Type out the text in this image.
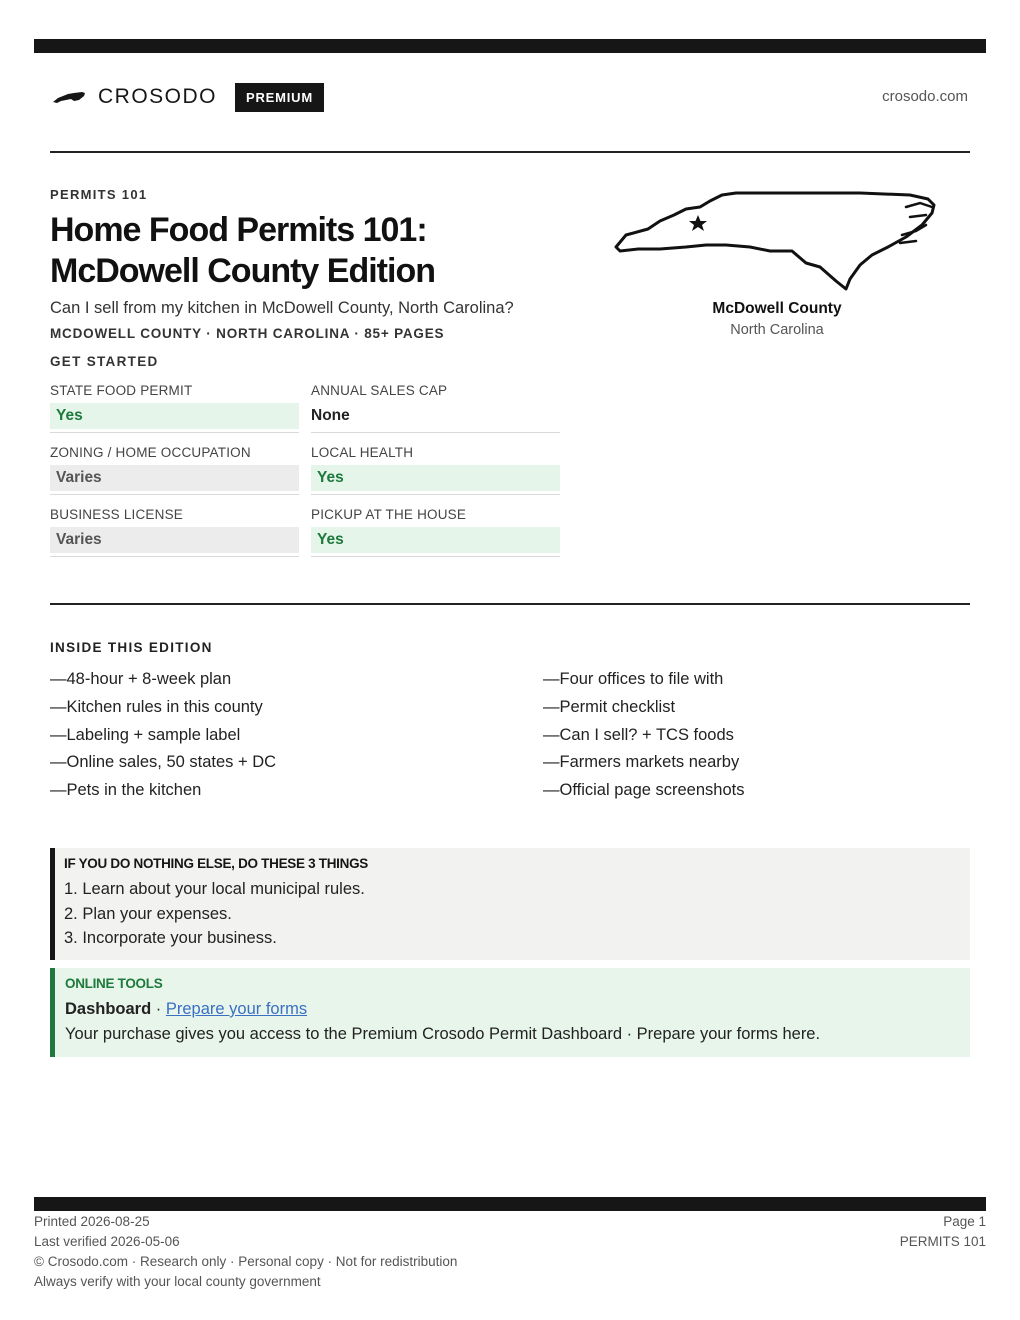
CROSODO	PREMIUM	crosodo.com
PERMITS 101
Home Food Permits 101:
McDowell County Edition
Can I sell from my kitchen in McDowell County, North Carolina?
MCDOWELL COUNTY · NORTH CAROLINA · 85+ PAGES
GET STARTED
STATE FOOD PERMIT
Yes
ANNUAL SALES CAP
None
ZONING / HOME OCCUPATION
Varies
LOCAL HEALTH
Yes
BUSINESS LICENSE
Varies
PICKUP AT THE HOUSE
Yes
McDowell County
North Carolina
INSIDE THIS EDITION
—48-hour + 8-week plan
—Kitchen rules in this county
—Labeling + sample label
—Online sales, 50 states + DC
—Pets in the kitchen
—Four offices to file with
—Permit checklist
—Can I sell? + TCS foods
—Farmers markets nearby
—Official page screenshots
IF YOU DO NOTHING ELSE, DO THESE 3 THINGS
1. Learn about your local municipal rules.
2. Plan your expenses.
3. Incorporate your business.
ONLINE TOOLS
Dashboard · Prepare your forms
Your purchase gives you access to the Premium Crosodo Permit Dashboard · Prepare your forms here.
Printed 2026-08-25
Last verified 2026-05-06
© Crosodo.com · Research only · Personal copy · Not for redistribution
Always verify with your local county government
Page 1
PERMITS 101
